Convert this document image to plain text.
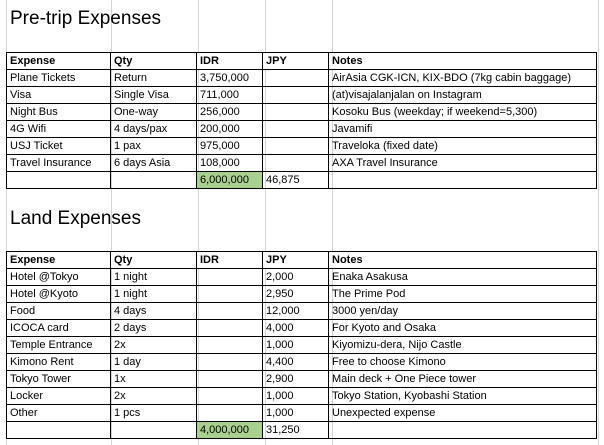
Pre-trip Expenses
Expense	Qty	IDR	JPY	Notes
Plane Tickets	Return	3,750,000		AirAsia CGK-ICN, KIX-BDO (7kg cabin baggage)
Visa	Single Visa	711,000		(at)visajalanjalan on Instagram
Night Bus	One-way	256,000		Kosoku Bus (weekday; if weekend=5,300)
4G Wifi	4 days/pax	200,000		Javamifi
USJ Ticket	1 pax	975,000		Traveloka (fixed date)
Travel Insurance	6 days Asia	108,000		AXA Travel Insurance
		6,000,000	46,875	
Land Expenses
Expense	Qty	IDR	JPY	Notes
Hotel @Tokyo	1 night		2,000	Enaka Asakusa
Hotel @Kyoto	1 night		2,950	The Prime Pod
Food	4 days		12,000	3000 yen/day
ICOCA card	2 days		4,000	For Kyoto and Osaka
Temple Entrance	2x		1,000	Kiyomizu-dera, Nijo Castle
Kimono Rent	1 day		4,400	Free to choose Kimono
Tokyo Tower	1x		2,900	Main deck + One Piece tower
Locker	2x		1,000	Tokyo Station, Kyobashi Station
Other	1 pcs		1,000	Unexpected expense
		4,000,000	31,250	
